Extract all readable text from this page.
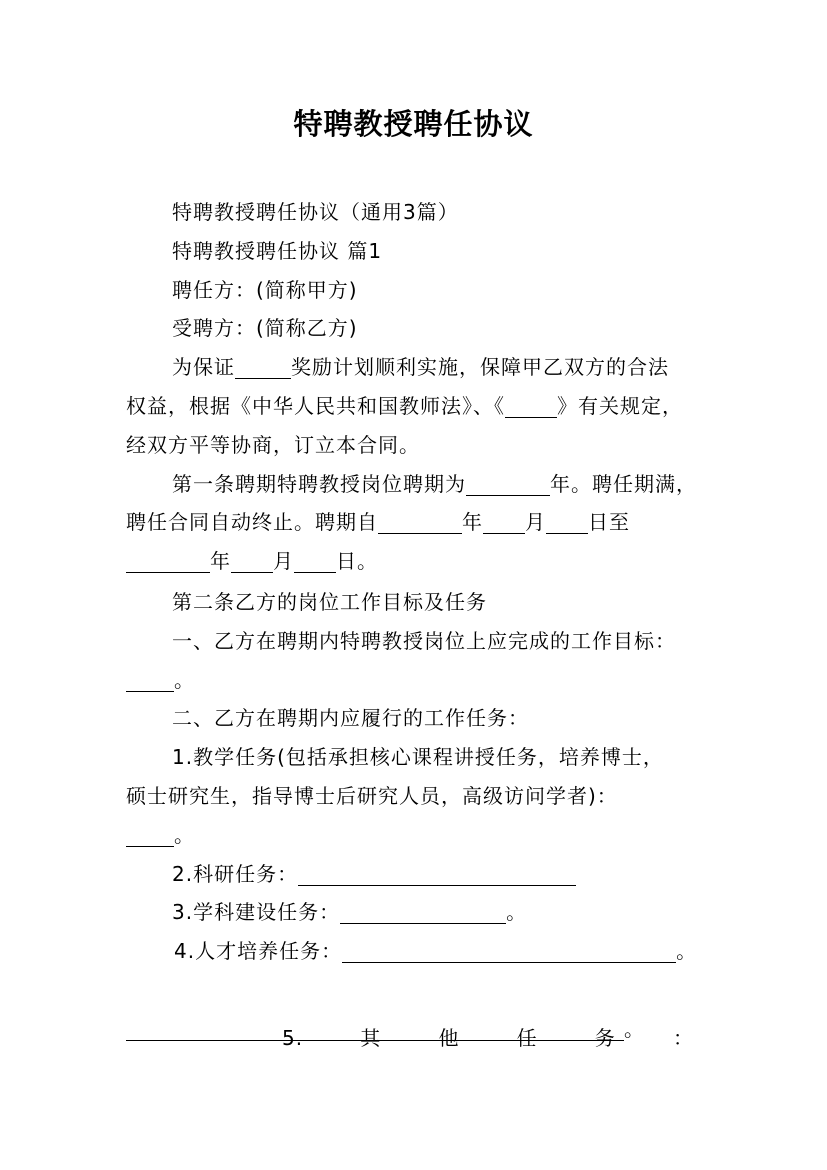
特聘教授聘任协议
特聘教授聘任协议（通用3篇）
特聘教授聘任协议 篇1
聘任方：(简称甲方)
受聘方：(简称乙方)
为保证	奖励计划顺利实施，保障甲乙双方的合法
权益，根据《中华人民共和国教师法》、《	》有关规定，
经双方平等协商，订立本合同。
第一条聘期特聘教授岗位聘期为	年。聘任期满，
聘任合同自动终止。聘期自	年 月 日至
年 月 日。
第二条乙方的岗位工作目标及任务
一、乙方在聘期内特聘教授岗位上应完成的工作目标：
。
二、乙方在聘期内应履行的工作任务：
1.教学任务(包括承担核心课程讲授任务，培养博士，
硕士研究生，指导博士后研究人员，高级访问学者)：
。
2.科研任务：
3.学科建设任务：	。
4.人才培养任务：	。

5.	其	他	任	务	：

。
